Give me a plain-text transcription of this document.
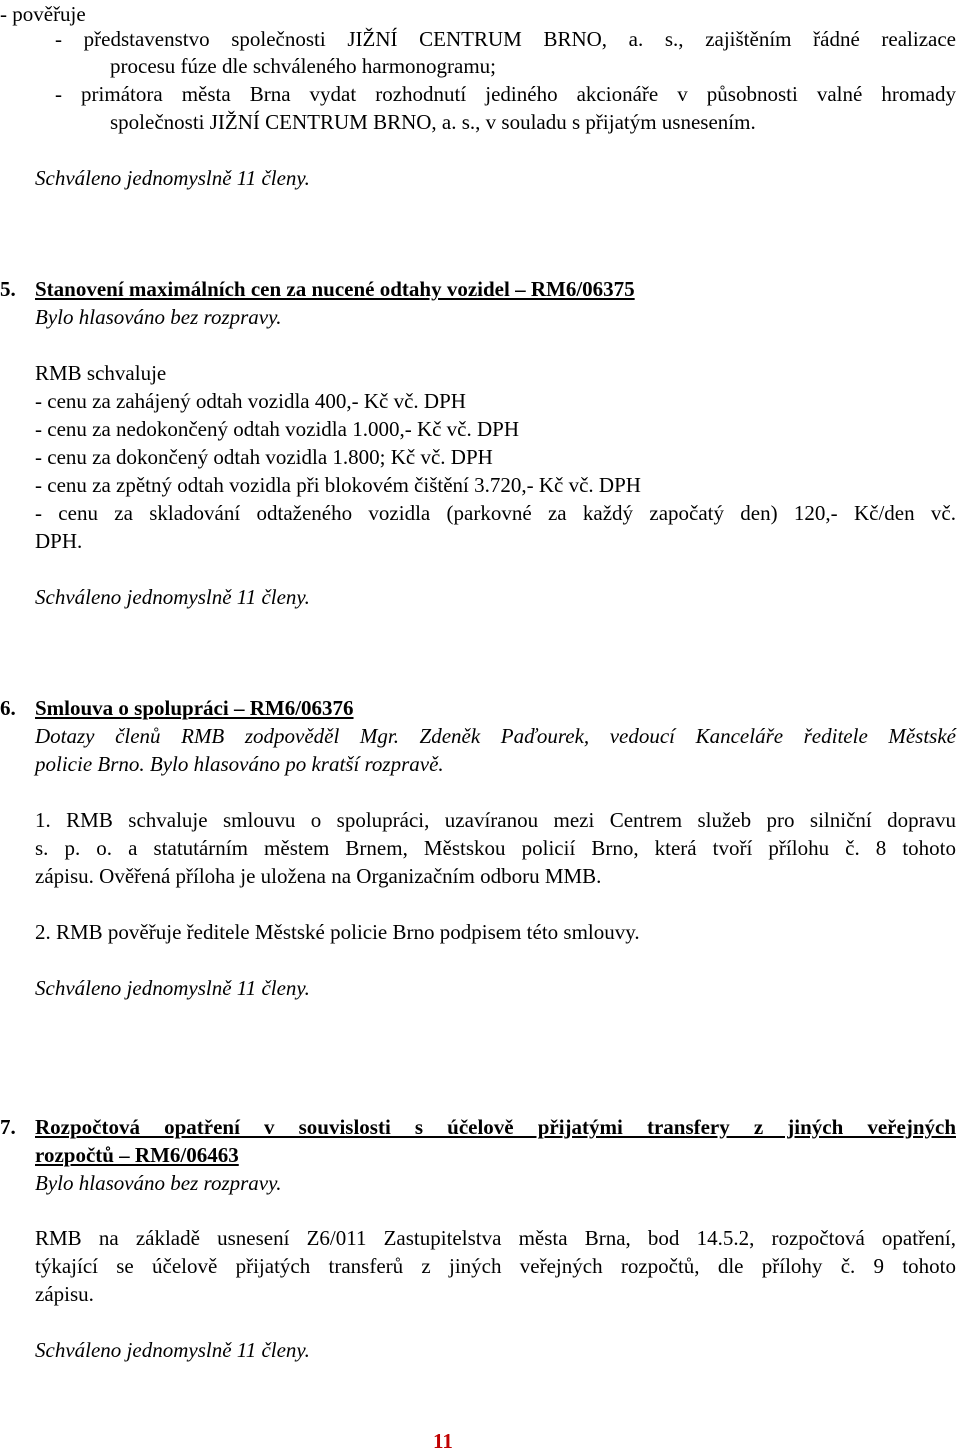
- pověřuje
- představenstvo společnosti JIŽNÍ CENTRUM BRNO, a. s., zajištěním řádné realizace
procesu fúze dle schváleného harmonogramu;
- primátora města Brna vydat rozhodnutí jediného akcionáře v působnosti valné hromady
společnosti JIŽNÍ CENTRUM BRNO, a. s., v souladu s přijatým usnesením.
Schváleno jednomyslně 11 členy.
5. Stanovení maximálních cen za nucené odtahy vozidel – RM6/06375
Bylo hlasováno bez rozpravy.
RMB schvaluje
- cenu za zahájený odtah vozidla 400,- Kč vč. DPH
- cenu za nedokončený odtah vozidla 1.000,- Kč vč. DPH
- cenu za dokončený odtah vozidla 1.800; Kč vč. DPH
- cenu za zpětný odtah vozidla při blokovém čištění 3.720,- Kč vč. DPH
- cenu za skladování odtaženého vozidla (parkovné za každý započatý den) 120,- Kč/den vč.
DPH.
Schváleno jednomyslně 11 členy.
6. Smlouva o spolupráci – RM6/06376
Dotazy členů RMB zodpověděl Mgr. Zdeněk Paďourek, vedoucí Kanceláře ředitele Městské
policie Brno. Bylo hlasováno po kratší rozpravě.
1. RMB schvaluje smlouvu o spolupráci, uzavíranou mezi Centrem služeb pro silniční dopravu
s. p. o. a statutárním městem Brnem, Městskou policií Brno, která tvoří přílohu č. 8 tohoto
zápisu. Ověřená příloha je uložena na Organizačním odboru MMB.
2. RMB pověřuje ředitele Městské policie Brno podpisem této smlouvy.
Schváleno jednomyslně 11 členy.
7. Rozpočtová opatření v souvislosti s účelově přijatými transfery z jiných veřejných
rozpočtů – RM6/06463
Bylo hlasováno bez rozpravy.
RMB na základě usnesení Z6/011 Zastupitelstva města Brna, bod 14.5.2, rozpočtová opatření,
týkající se účelově přijatých transferů z jiných veřejných rozpočtů, dle přílohy č. 9 tohoto
zápisu.
Schváleno jednomyslně 11 členy.
11
